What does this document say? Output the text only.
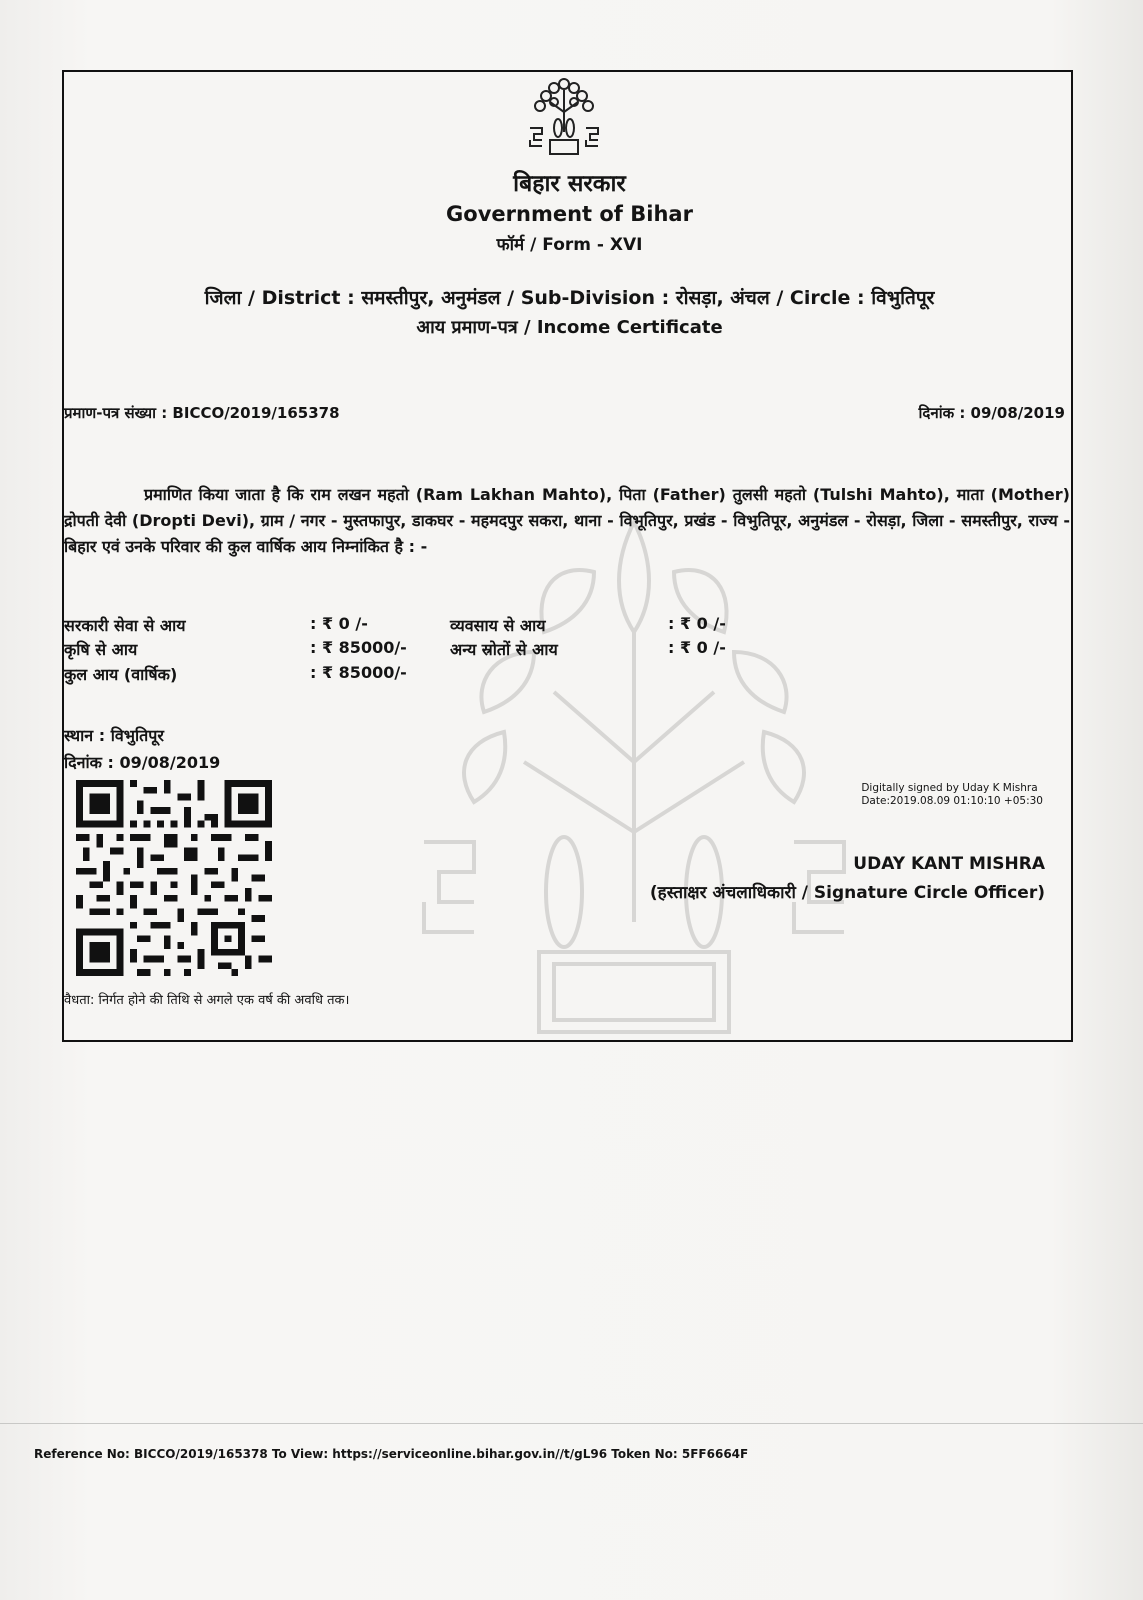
बिहार सरकार
Government of Bihar
फॉर्म / Form - XVI
जिला / District : समस्तीपुर, अनुमंडल / Sub-Division : रोसड़ा, अंचल / Circle : विभुतिपूर
आय प्रमाण-पत्र / Income Certificate
प्रमाण-पत्र संख्या : BICCO/2019/165378	दिनांक : 09/08/2019
प्रमाणित किया जाता है कि राम लखन महतो (Ram Lakhan Mahto), पिता (Father) तुलसी महतो (Tulshi Mahto), माता (Mother) द्रोपती देवी (Dropti Devi), ग्राम / नगर - मुस्तफापुर, डाकघर - महमदपुर सकरा, थाना - विभूतिपुर, प्रखंड - विभुतिपूर, अनुमंडल - रोसड़ा, जिला - समस्तीपुर, राज्य - बिहार एवं उनके परिवार की कुल वार्षिक आय निम्नांकित है : -
सरकारी सेवा से आय	: ₹ 0 /-	व्यवसाय से आय	: ₹ 0 /-
कृषि से आय	: ₹ 85000/-	अन्य स्रोतों से आय	: ₹ 0 /-
कुल आय (वार्षिक)	: ₹ 85000/-
स्थान : विभुतिपूर
दिनांक : 09/08/2019
Digitally signed by Uday K Mishra
Date:2019.08.09 01:10:10 +05:30
UDAY KANT MISHRA
(हस्ताक्षर अंचलाधिकारी / Signature Circle Officer)
वैधता: निर्गत होने की तिथि से अगले एक वर्ष की अवधि तक।
Reference No: BICCO/2019/165378 To View: https://serviceonline.bihar.gov.in//t/gL96 Token No: 5FF6664F
